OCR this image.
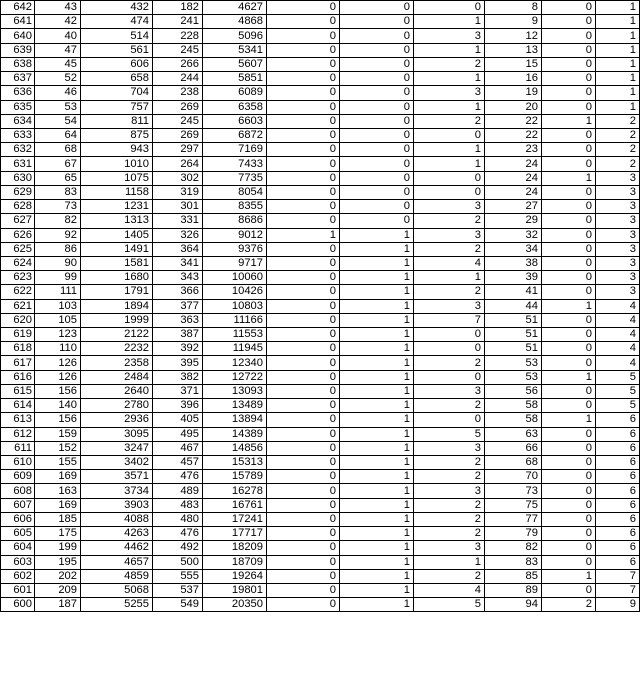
642	43	432	182	4627	0	0	0	8	0	1
641	42	474	241	4868	0	0	1	9	0	1
640	40	514	228	5096	0	0	3	12	0	1
639	47	561	245	5341	0	0	1	13	0	1
638	45	606	266	5607	0	0	2	15	0	1
637	52	658	244	5851	0	0	1	16	0	1
636	46	704	238	6089	0	0	3	19	0	1
635	53	757	269	6358	0	0	1	20	0	1
634	54	811	245	6603	0	0	2	22	1	2
633	64	875	269	6872	0	0	0	22	0	2
632	68	943	297	7169	0	0	1	23	0	2
631	67	1010	264	7433	0	0	1	24	0	2
630	65	1075	302	7735	0	0	0	24	1	3
629	83	1158	319	8054	0	0	0	24	0	3
628	73	1231	301	8355	0	0	3	27	0	3
627	82	1313	331	8686	0	0	2	29	0	3
626	92	1405	326	9012	1	1	3	32	0	3
625	86	1491	364	9376	0	1	2	34	0	3
624	90	1581	341	9717	0	1	4	38	0	3
623	99	1680	343	10060	0	1	1	39	0	3
622	111	1791	366	10426	0	1	2	41	0	3
621	103	1894	377	10803	0	1	3	44	1	4
620	105	1999	363	11166	0	1	7	51	0	4
619	123	2122	387	11553	0	1	0	51	0	4
618	110	2232	392	11945	0	1	0	51	0	4
617	126	2358	395	12340	0	1	2	53	0	4
616	126	2484	382	12722	0	1	0	53	1	5
615	156	2640	371	13093	0	1	3	56	0	5
614	140	2780	396	13489	0	1	2	58	0	5
613	156	2936	405	13894	0	1	0	58	1	6
612	159	3095	495	14389	0	1	5	63	0	6
611	152	3247	467	14856	0	1	3	66	0	6
610	155	3402	457	15313	0	1	2	68	0	6
609	169	3571	476	15789	0	1	2	70	0	6
608	163	3734	489	16278	0	1	3	73	0	6
607	169	3903	483	16761	0	1	2	75	0	6
606	185	4088	480	17241	0	1	2	77	0	6
605	175	4263	476	17717	0	1	2	79	0	6
604	199	4462	492	18209	0	1	3	82	0	6
603	195	4657	500	18709	0	1	1	83	0	6
602	202	4859	555	19264	0	1	2	85	1	7
601	209	5068	537	19801	0	1	4	89	0	7
600	187	5255	549	20350	0	1	5	94	2	9
